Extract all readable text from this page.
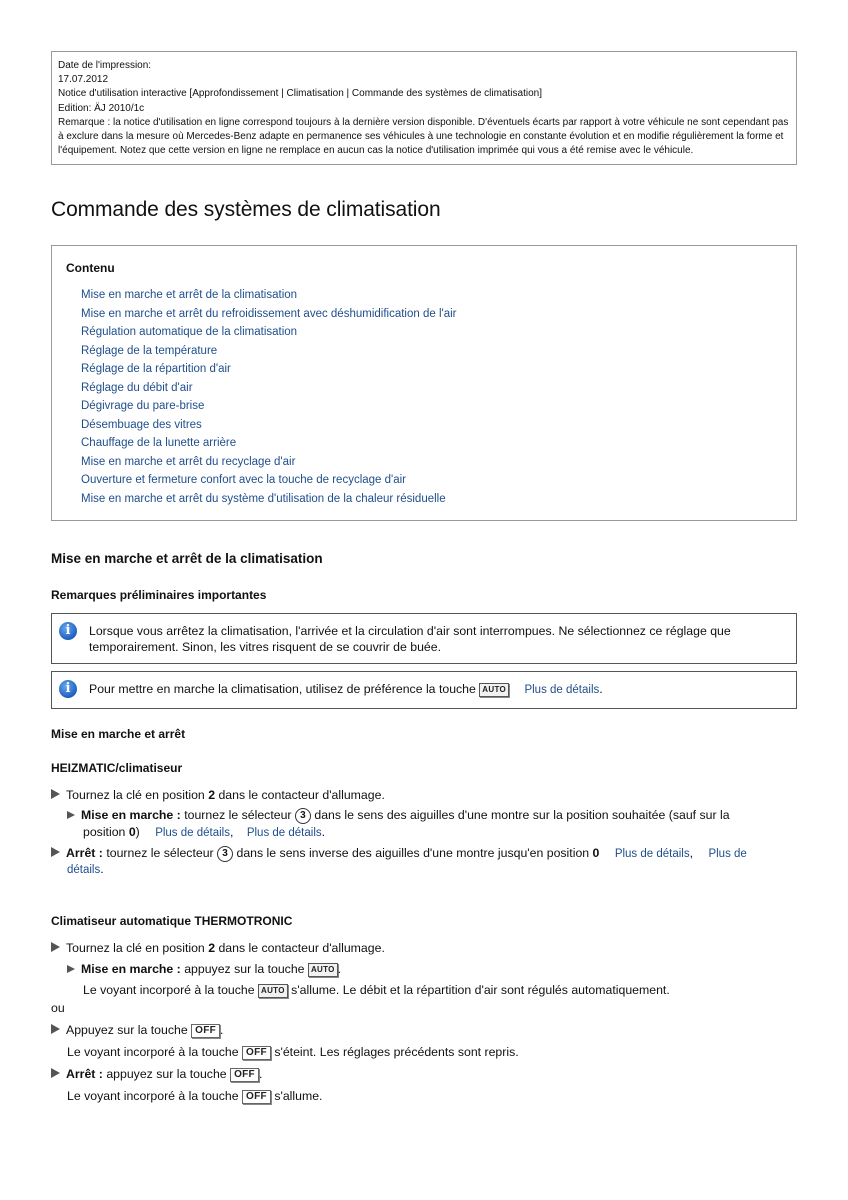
Date de l'impression:
17.07.2012
Notice d'utilisation interactive [Approfondissement | Climatisation | Commande des systèmes de climatisation]
Edition: ÄJ 2010/1c
Remarque : la notice d'utilisation en ligne correspond toujours à la dernière version disponible. D'éventuels écarts par rapport à votre véhicule ne sont cependant pas à exclure dans la mesure où Mercedes-Benz adapte en permanence ses véhicules à une technologie en constante évolution et en modifie régulièrement la forme et l'équipement. Notez que cette version en ligne ne remplace en aucun cas la notice d'utilisation imprimée qui vous a été remise avec le véhicule.
Commande des systèmes de climatisation
Contenu
Mise en marche et arrêt de la climatisation
Mise en marche et arrêt du refroidissement avec déshumidification de l'air
Régulation automatique de la climatisation
Réglage de la température
Réglage de la répartition d'air
Réglage du débit d'air
Dégivrage du pare-brise
Désembuage des vitres
Chauffage de la lunette arrière
Mise en marche et arrêt du recyclage d'air
Ouverture et fermeture confort avec la touche de recyclage d'air
Mise en marche et arrêt du système d'utilisation de la chaleur résiduelle
Mise en marche et arrêt de la climatisation
Remarques préliminaires importantes
i	Lorsque vous arrêtez la climatisation, l'arrivée et la circulation d'air sont interrompues. Ne sélectionnez ce réglage que temporairement. Sinon, les vitres risquent de se couvrir de buée.
i	Pour mettre en marche la climatisation, utilisez de préférence la touche AUTO Plus de détails.
Mise en marche et arrêt
HEIZMATIC/climatiseur
Tournez la clé en position 2 dans le contacteur d'allumage.
Mise en marche : tournez le sélecteur 3 dans le sens des aiguilles d'une montre sur la position souhaitée (sauf sur la
position 0) Plus de détails, Plus de détails.
Arrêt : tournez le sélecteur 3 dans le sens inverse des aiguilles d'une montre jusqu'en position 0 Plus de détails, Plus de
détails.
Climatiseur automatique THERMOTRONIC
Tournez la clé en position 2 dans le contacteur d'allumage.
Mise en marche : appuyez sur la touche AUTO .
Le voyant incorporé à la touche AUTO s'allume. Le débit et la répartition d'air sont régulés automatiquement.
ou
Appuyez sur la touche OFF .
Le voyant incorporé à la touche OFF s'éteint. Les réglages précédents sont repris.
Arrêt : appuyez sur la touche OFF .
Le voyant incorporé à la touche OFF s'allume.
